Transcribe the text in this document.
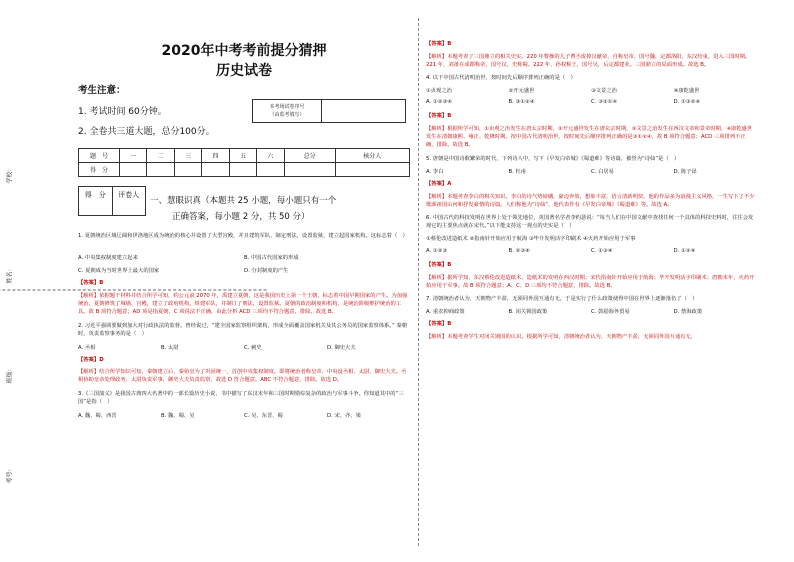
学校：
姓名：
班级：
考号：
2020年中考考前提分猜押
历史试卷
考生注意：
1. 考试时间 60分钟。
2. 全卷共三道大题，总分100分。
本考场试卷序号
（由监考填写）
题　号	一	二	三	四	五	六	总分	核分人
得　分								
得　分	评卷人
一、慧眼识真（本题共 25 小题，每小题只有一个
正确答案，每小题 2 分，共 50 分）
1. 夏朝统治区域辽阔和伊洛地区成为统治的核心并设置了大型宫殿，并且建筑军队、制定刑法，设置监狱，建立起国家机构。这标志着（　）
A. 中央集权制度建立起来	B. 中国古代国家的形成
C. 夏朝成为当时世界上最大的国家	D. 分封制度的产生
【答案】B
【解析】依据题干材料并结合所学可知，约公元前 2070 年，禹建立夏朝，这是我国历史上第一个王朝，标志着中国早期国家的产生。为加强统治，夏朝修筑了城墙、宫殿，建立了政府机构，组建军队，并制订了刑法，设置监狱。夏朝的政治制度和机构，是统治阶级维护统治的工具。故 B 项符合题意；AD 项是指夏朝，C 项说法不正确，由此分析 ACD 三项均不符合题意，排除。故选 B。
2. 习近平强调要做到加大对行政执法的监督。曾经说过，“建全国家监察组织架构，形成全面覆盖国家机关及其公务员的国家监察体系。” 秦朝时，负责监察事务的是（　）
A. 丞相	B. 太尉	C. 刺史	D. 御史大夫
【答案】D
【解析】结合所学知识可知，秦朝建立后，秦始皇为了巩固统一，首创中央集权制度。即将统治者称皇帝，中央设丞相、太尉、御史大夫。丞相协助皇帝处理政务，太尉负责军事，御史大夫负责监察，故选 D 符合题意。ABC 不符合题意，排除。故选 D。
3.《三国演义》是我国古典四大名著中的一部长篇历史小说，书中描写了东汉末年和三国时期错综复杂的政治与军事斗争。你知道其中的“三国”是指（　）
A. 魏、蜀、西晋	B. 魏、蜀、吴	C. 吴、东晋、蜀	D. 宋、齐、梁
【答案】B
【解析】本题考查了三国鼎立的相关史实。220 年曹操的儿子曹丕废掉汉献帝，自称皇帝，国号魏，定都洛阳，东汉结束，进入三国时期。221 年，刘备在成都称帝，国号汉，史称蜀。222 年，孙权称王，国号吴，后定都建业。三国鼎立的局面形成。故选 B。
4. 以下中国古代清明治世，按时间先后顺序排列正确的是（　）
①贞观之治	②开元盛世	③文景之治	④康乾盛世
A. ①②③④	B. ③①②④	C. ③②①④	D. ①③②④
【答案】B
【解析】根据所学可知，①贞观之治发生在唐太宗时期，②开元盛世发生在唐玄宗时期，③文景之治发生在西汉文帝和景帝时期，④康乾盛世发生在清朝康熙、雍正、乾隆时期。按中国古代清明治世，按时间先后顺序排列正确的是③①②④，故 B 项符合题意；ACD 三项排列不正确，排除。故选 B。
5. 唐朝是中国诗歌繁荣的时代，下列诗人中，写下《早发白帝城》《蜀道难》等诗篇，被誉为“诗仙”是（　）
A. 李白	B. 杜甫	C. 白居易	D. 陈子昂
【答案】A
【解析】本题考查李白的相关知识。李白的诗气势磅礴，豪迈奔放，想象丰富，语言清新明快，他的作品多为浪漫主义风格，一生写下了不少歌颂祖国山河和抒发豪情的诗篇。人们称他为“诗仙”，他代表作有《早发白帝城》《蜀道难》等。故选 A。
6. 中国古代的科技发明在世界上处于领先地位，英国著名学者李约瑟说：“每当人们在中国文献中查找任何一个具体的科技史料时，往往会发现它的主要焦点就在宋代。”以下能支持这一观点的史实是（　）
①蔡伦改进造纸术 ②指南针开始应用于航海 ③毕升发明活字印刷术 ④火药开始应用于军事
A. ①②③	B. ②③④	C. ①③④	D. ①②④
【答案】B
【解析】据所学知，东汉蔡伦改进造纸术，造纸术的发明在西汉时期；宋代指南针开始应用于航海；毕升发明活字印刷术；唐朝末年，火药开始应用于军事。故 B 项符合题意；A、C、D 三项均不符合题意，排除。故选 B。
7. 清朝统治者认为，天朝物产丰盈，无须同外国互通有无，于是实行了什么政策使得中国在世界上逐渐落伍了（　）
A. 重农抑商政策	B. 闭关锁国政策	C. 鼓励海外贸易	D. 禁海政策
【答案】B
【解析】本题考查学生对闭关锁国的认识。根据所学可知，清朝统治者认为，天朝物产丰盈，无须同外国互通有无，
